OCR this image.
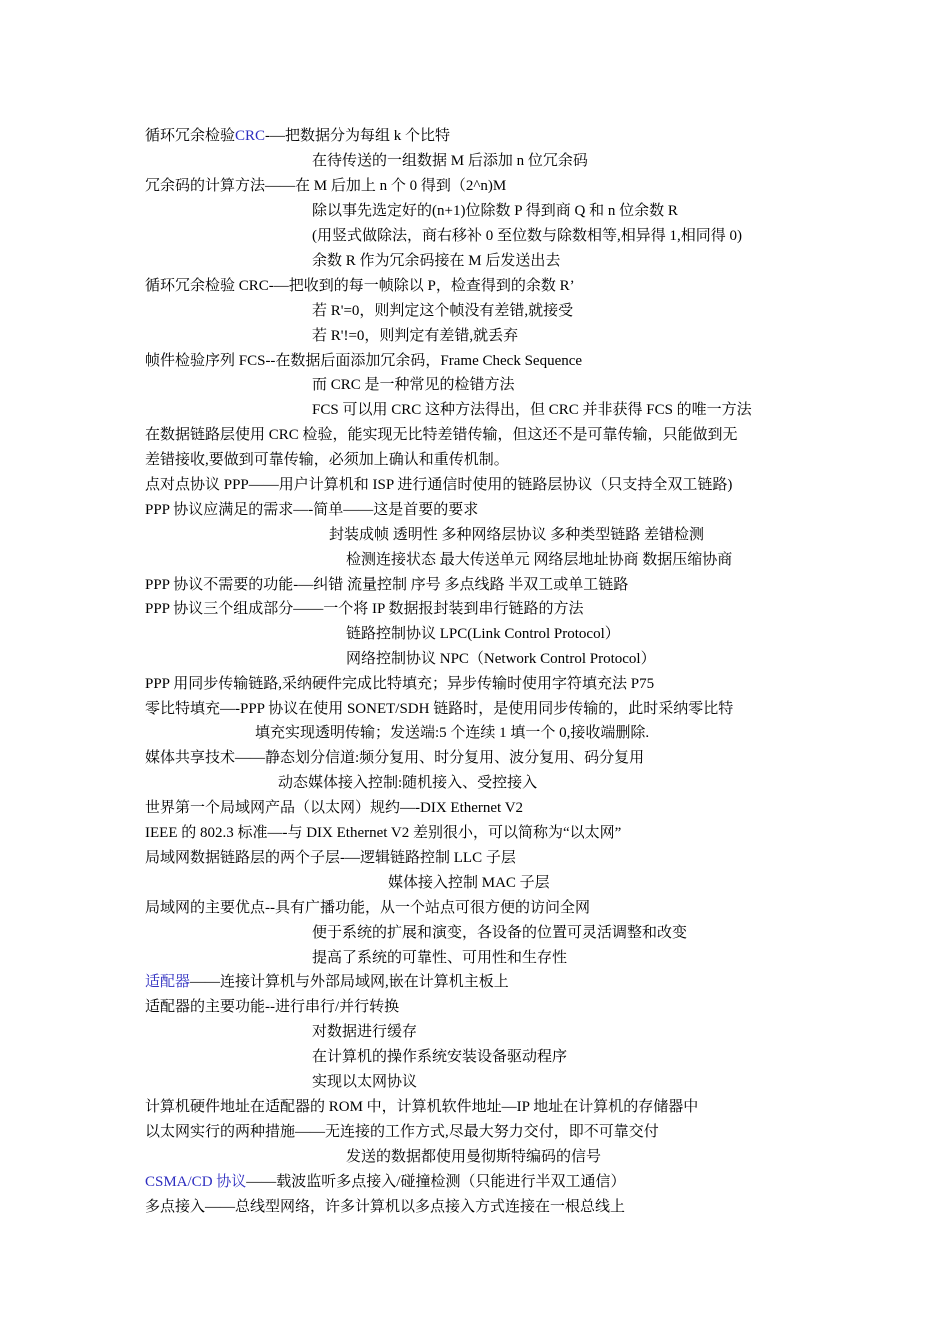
循环冗余检验CRC-—把数据分为每组 k 个比特

在待传送的一组数据 M 后添加 n 位冗余码

冗余码的计算方法——在 M 后加上 n 个 0 得到（2^n)M

除以事先选定好的(n+1)位除数 P 得到商 Q 和 n 位余数 R

(用竖式做除法，商右移补 0 至位数与除数相等,相异得 1,相同得 0)

余数 R 作为冗余码接在 M 后发送出去

循环冗余检验 CRC-—把收到的每一帧除以 P，检查得到的余数 R’

若 R'=0，则判定这个帧没有差错,就接受

若 R'!=0，则判定有差错,就丢弃

帧件检验序列 FCS--在数据后面添加冗余码，Frame Check Sequence

而 CRC 是一种常见的检错方法

FCS 可以用 CRC 这种方法得出，但 CRC 并非获得 FCS 的唯一方法

在数据链路层使用 CRC 检验，能实现无比特差错传输，但这还不是可靠传输，只能做到无

差错接收,要做到可靠传输，必须加上确认和重传机制。

点对点协议 PPP——用户计算机和 ISP 进行通信时使用的链路层协议（只支持全双工链路)

PPP 协议应满足的需求—-简单——这是首要的要求

封装成帧 透明性 多种网络层协议 多种类型链路 差错检测

检测连接状态 最大传送单元 网络层地址协商 数据压缩协商

PPP 协议不需要的功能-—纠错 流量控制 序号 多点线路 半双工或单工链路

PPP 协议三个组成部分——一个将 IP 数据报封装到串行链路的方法

链路控制协议 LPC(Link Control Protocol）

网络控制协议 NPC（Network Control Protocol）

PPP 用同步传输链路,采纳硬件完成比特填充；异步传输时使用字符填充法 P75

零比特填充—-PPP 协议在使用 SONET/SDH 链路时，是使用同步传输的，此时采纳零比特

填充实现透明传输；发送端:5 个连续 1 填一个 0,接收端删除.

媒体共享技术——静态划分信道:频分复用、时分复用、波分复用、码分复用

动态媒体接入控制:随机接入、受控接入

世界第一个局域网产品（以太网）规约—-DIX Ethernet V2

IEEE 的 802.3 标准—-与 DIX Ethernet V2 差别很小，可以简称为“以太网”

局域网数据链路层的两个子层-—逻辑链路控制 LLC 子层

媒体接入控制 MAC 子层

局域网的主要优点--具有广播功能，从一个站点可很方便的访问全网

便于系统的扩展和演变，各设备的位置可灵活调整和改变

提高了系统的可靠性、可用性和生存性

适配器——连接计算机与外部局域网,嵌在计算机主板上

适配器的主要功能--进行串行/并行转换

对数据进行缓存

在计算机的操作系统安装设备驱动程序

实现以太网协议

计算机硬件地址在适配器的 ROM 中，计算机软件地址—IP 地址在计算机的存储器中

以太网实行的两种措施——无连接的工作方式,尽最大努力交付，即不可靠交付

发送的数据都使用曼彻斯特编码的信号

CSMA/CD 协议——载波监听多点接入/碰撞检测（只能进行半双工通信）

多点接入——总线型网络，许多计算机以多点接入方式连接在一根总线上
